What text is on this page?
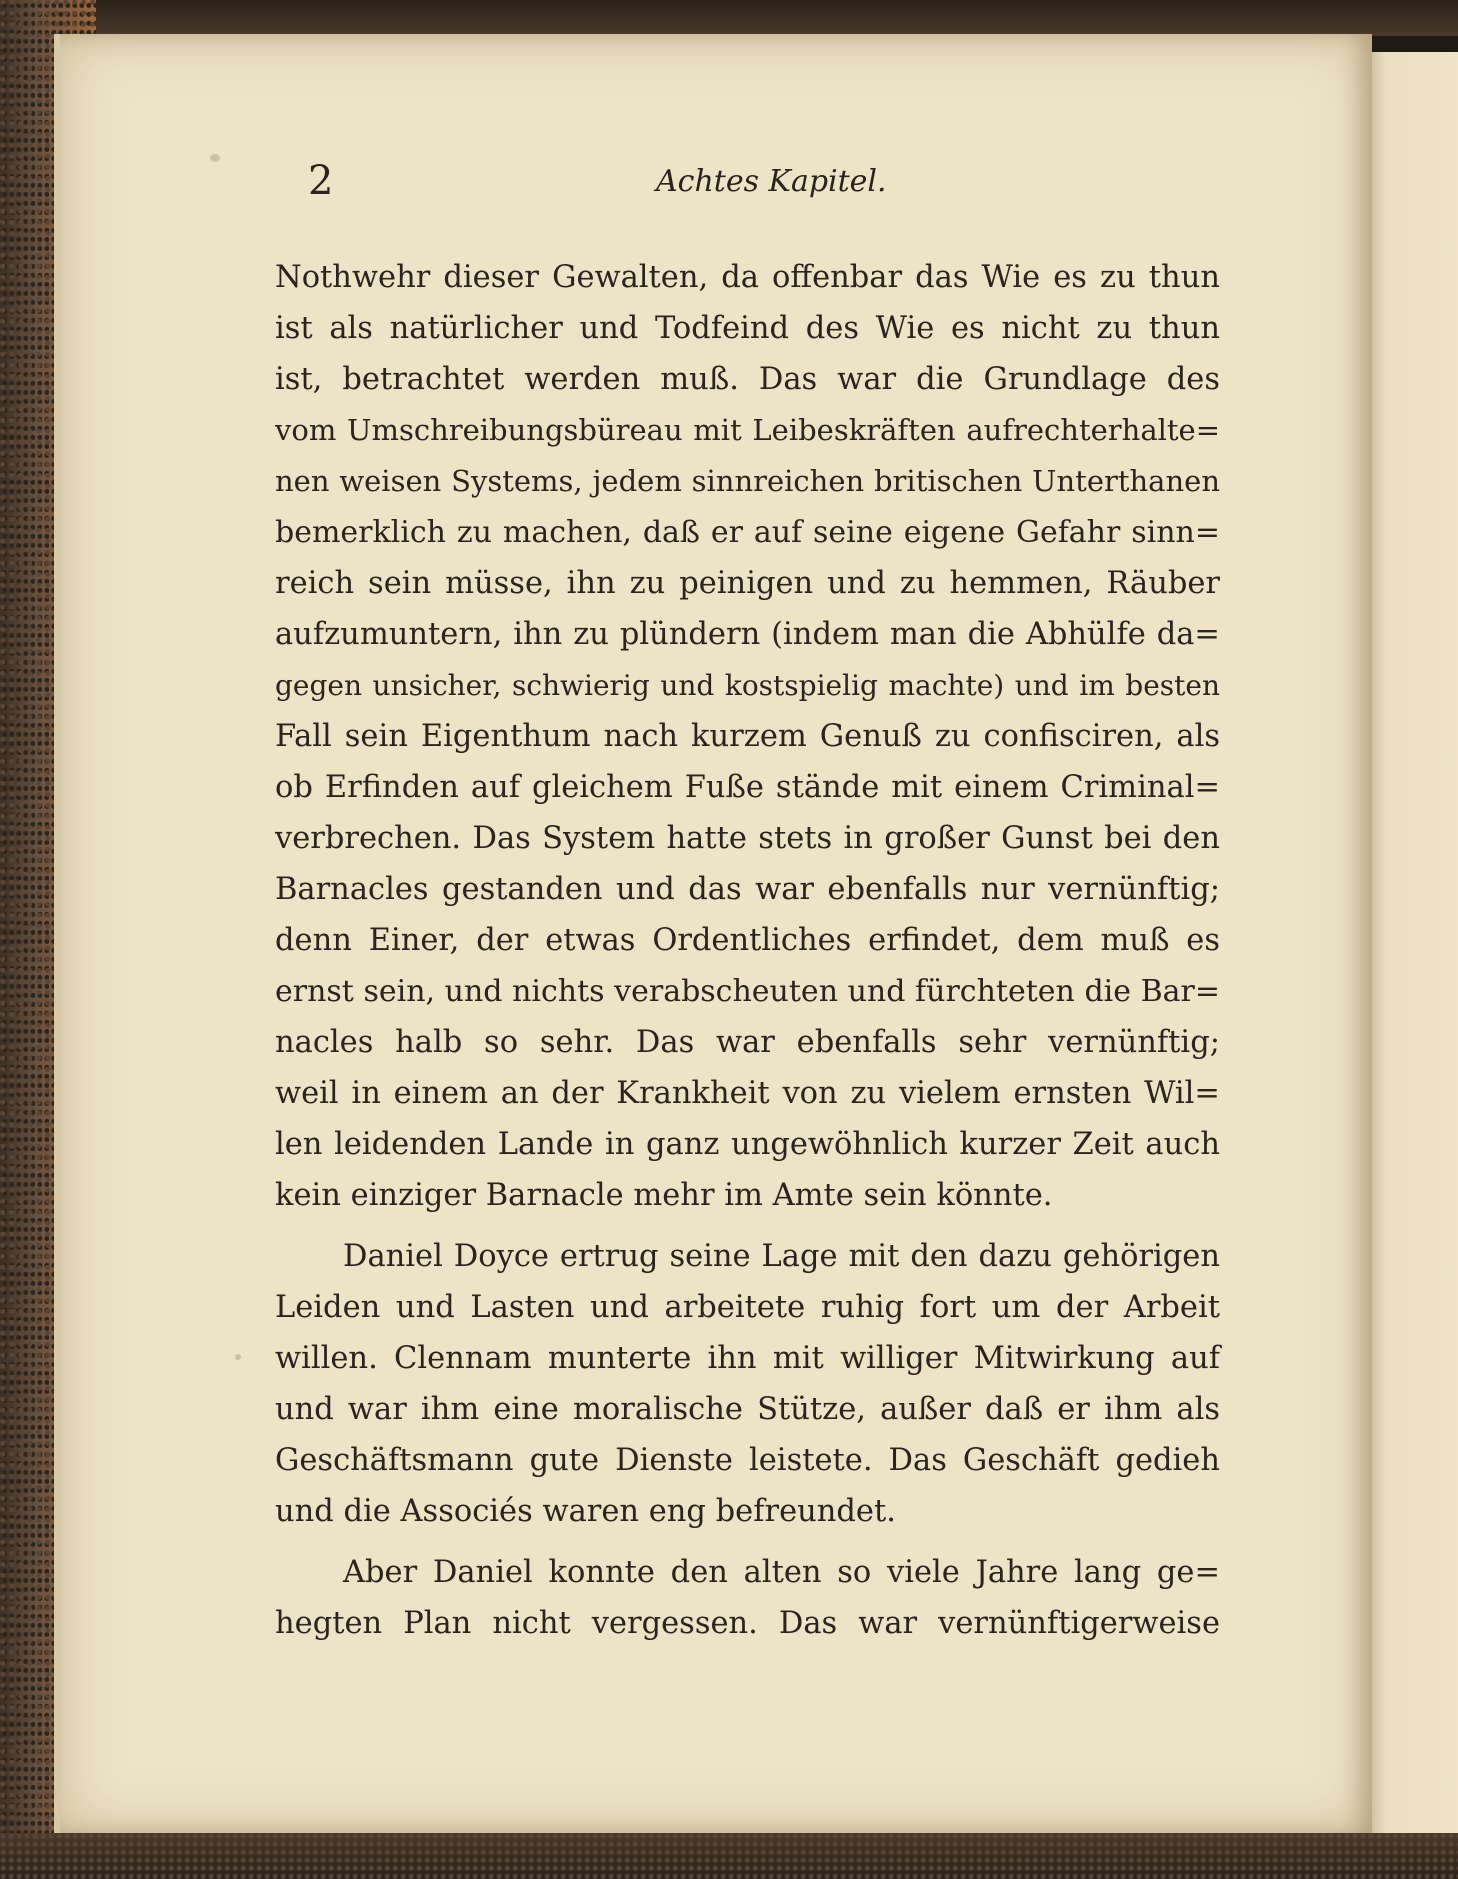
2	Achtes Kapitel.
Nothwehr dieser Gewalten, da offenbar das Wie es zu thun
ist als natürlicher und Todfeind des Wie es nicht zu thun
ist, betrachtet werden muß. Das war die Grundlage des
vom Umschreibungsbüreau mit Leibeskräften aufrechterhalte=
nen weisen Systems, jedem sinnreichen britischen Unterthanen
bemerklich zu machen, daß er auf seine eigene Gefahr sinn=
reich sein müsse, ihn zu peinigen und zu hemmen, Räuber
aufzumuntern, ihn zu plündern (indem man die Abhülfe da=
gegen unsicher, schwierig und kostspielig machte) und im besten
Fall sein Eigenthum nach kurzem Genuß zu confisciren, als
ob Erfinden auf gleichem Fuße stände mit einem Criminal=
verbrechen. Das System hatte stets in großer Gunst bei den
Barnacles gestanden und das war ebenfalls nur vernünftig;
denn Einer, der etwas Ordentliches erfindet, dem muß es
ernst sein, und nichts verabscheuten und fürchteten die Bar=
nacles halb so sehr. Das war ebenfalls sehr vernünftig;
weil in einem an der Krankheit von zu vielem ernsten Wil=
len leidenden Lande in ganz ungewöhnlich kurzer Zeit auch
kein einziger Barnacle mehr im Amte sein könnte.
Daniel Doyce ertrug seine Lage mit den dazu gehörigen
Leiden und Lasten und arbeitete ruhig fort um der Arbeit
willen. Clennam munterte ihn mit williger Mitwirkung auf
und war ihm eine moralische Stütze, außer daß er ihm als
Geschäftsmann gute Dienste leistete. Das Geschäft gedieh
und die Associés waren eng befreundet.
Aber Daniel konnte den alten so viele Jahre lang ge=
hegten Plan nicht vergessen. Das war vernünftigerweise
